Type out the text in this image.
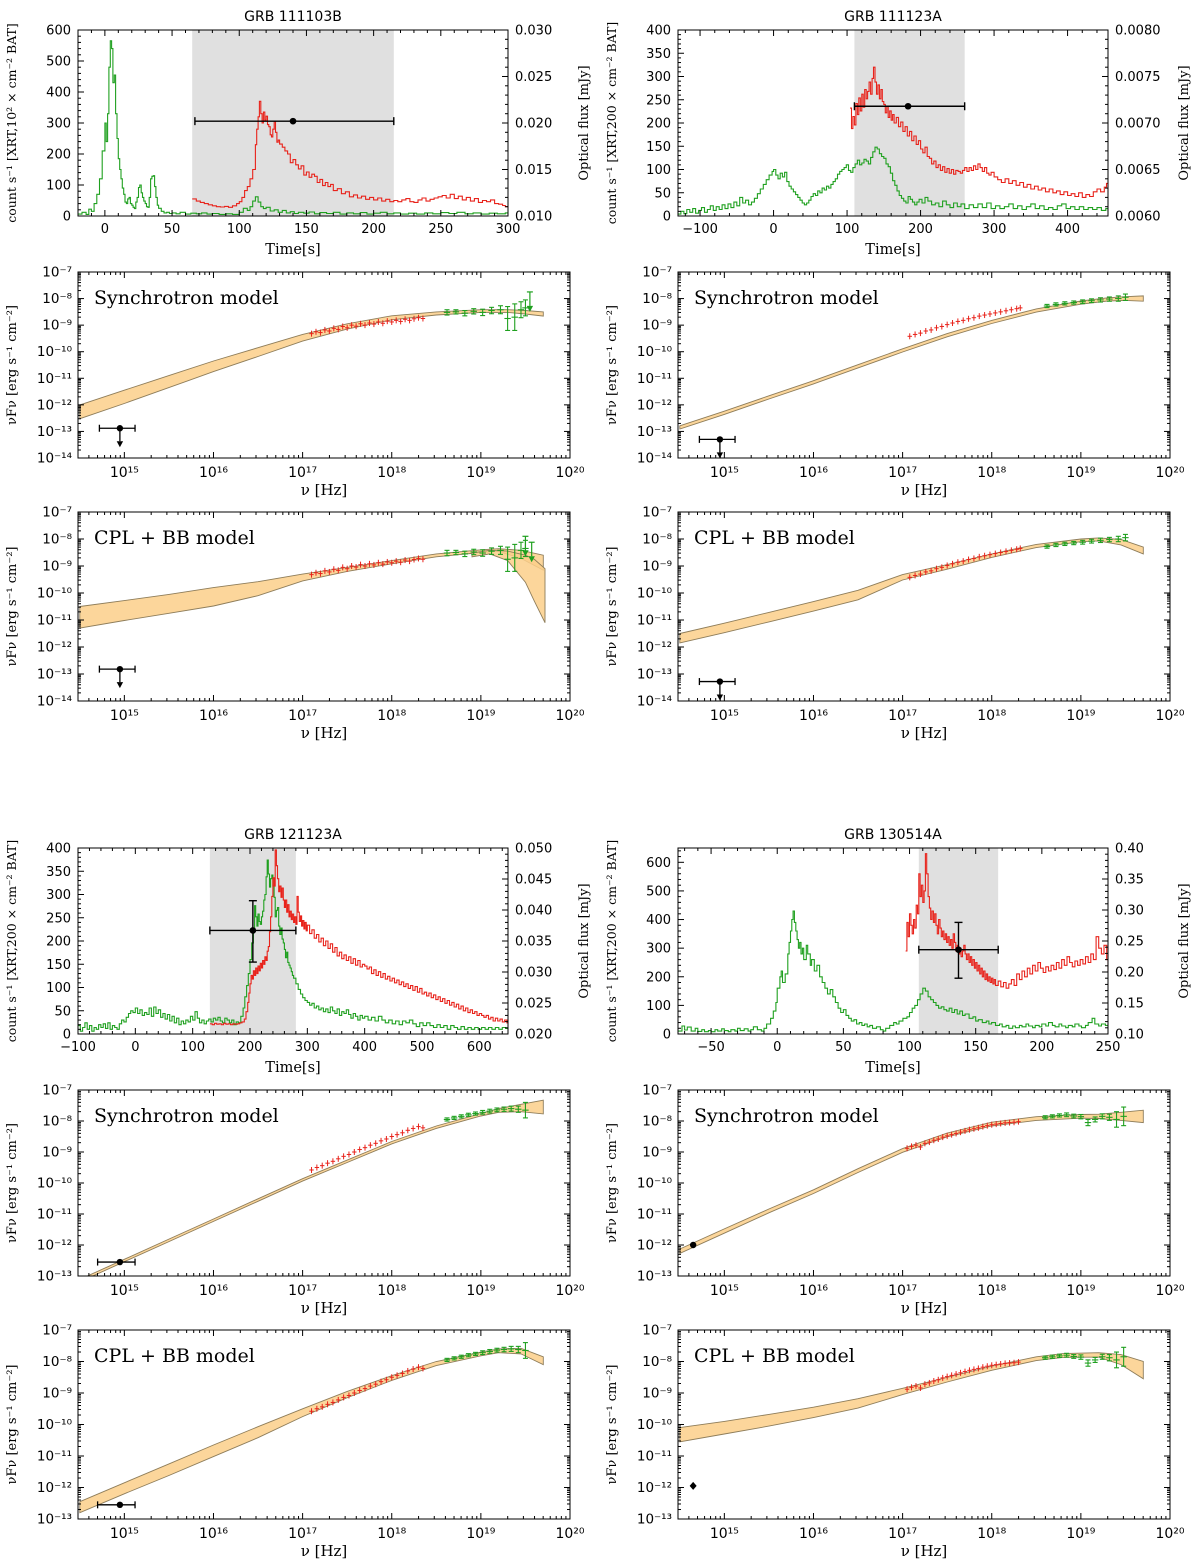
0	50	100	150	200	250	300
0
100
200
300
400
500
600
0.010
0.015
0.020
0.025
0.030
GRB 111103B
Time[s]
count s⁻¹ [XRT,10² × cm⁻² BAT]	Optical flux [mJy]
10¹⁵	10¹⁶	10¹⁷	10¹⁸	10¹⁹	10²⁰
10⁻¹⁴
10⁻¹³
10⁻¹²
10⁻¹¹
10⁻¹⁰
10⁻⁹
10⁻⁸
10⁻⁷
Synchrotron model
ν [Hz]
νFν [erg s⁻¹ cm⁻²]
10¹⁵	10¹⁶	10¹⁷	10¹⁸	10¹⁹	10²⁰
10⁻¹⁴
10⁻¹³
10⁻¹²
10⁻¹¹
10⁻¹⁰
10⁻⁹
10⁻⁸
10⁻⁷
CPL + BB model
ν [Hz]
νFν [erg s⁻¹ cm⁻²]
−100	0	100	200	300	400
0
50
100
150
200
250
300
350
400
0.0060
0.0065
0.0070
0.0075
0.0080
GRB 111123A
Time[s]
count s⁻¹ [XRT,200 × cm⁻² BAT]	Optical flux [mJy]
10¹⁵	10¹⁶	10¹⁷	10¹⁸	10¹⁹	10²⁰
10⁻¹⁴
10⁻¹³
10⁻¹²
10⁻¹¹
10⁻¹⁰
10⁻⁹
10⁻⁸
10⁻⁷
Synchrotron model
ν [Hz]
νFν [erg s⁻¹ cm⁻²]
10¹⁵	10¹⁶	10¹⁷	10¹⁸	10¹⁹	10²⁰
10⁻¹⁴
10⁻¹³
10⁻¹²
10⁻¹¹
10⁻¹⁰
10⁻⁹
10⁻⁸
10⁻⁷
CPL + BB model
ν [Hz]
νFν [erg s⁻¹ cm⁻²]
−100	0	100	200	300	400	500	600
0
50
100
150
200
250
300
350
400
0.020
0.025
0.030
0.035
0.040
0.045
0.050
GRB 121123A
Time[s]
count s⁻¹ [XRT,200 × cm⁻² BAT]	Optical flux [mJy]
10¹⁵	10¹⁶	10¹⁷	10¹⁸	10¹⁹	10²⁰
10⁻¹³
10⁻¹²
10⁻¹¹
10⁻¹⁰
10⁻⁹
10⁻⁸
10⁻⁷
Synchrotron model
ν [Hz]
νFν [erg s⁻¹ cm⁻²]
10¹⁵	10¹⁶	10¹⁷	10¹⁸	10¹⁹	10²⁰
10⁻¹³
10⁻¹²
10⁻¹¹
10⁻¹⁰
10⁻⁹
10⁻⁸
10⁻⁷
CPL + BB model
ν [Hz]
νFν [erg s⁻¹ cm⁻²]
−50	0	50	100	150	200	250
0
100
200
300
400
500
600
0.10
0.15
0.20
0.25
0.30
0.35
0.40
GRB 130514A
Time[s]
count s⁻¹ [XRT,200 × cm⁻² BAT]	Optical flux [mJy]
10¹⁵	10¹⁶	10¹⁷	10¹⁸	10¹⁹	10²⁰
10⁻¹³
10⁻¹²
10⁻¹¹
10⁻¹⁰
10⁻⁹
10⁻⁸
10⁻⁷
Synchrotron model
ν [Hz]
νFν [erg s⁻¹ cm⁻²]
10¹⁵	10¹⁶	10¹⁷	10¹⁸	10¹⁹	10²⁰
10⁻¹³
10⁻¹²
10⁻¹¹
10⁻¹⁰
10⁻⁹
10⁻⁸
10⁻⁷
CPL + BB model
ν [Hz]
νFν [erg s⁻¹ cm⁻²]
